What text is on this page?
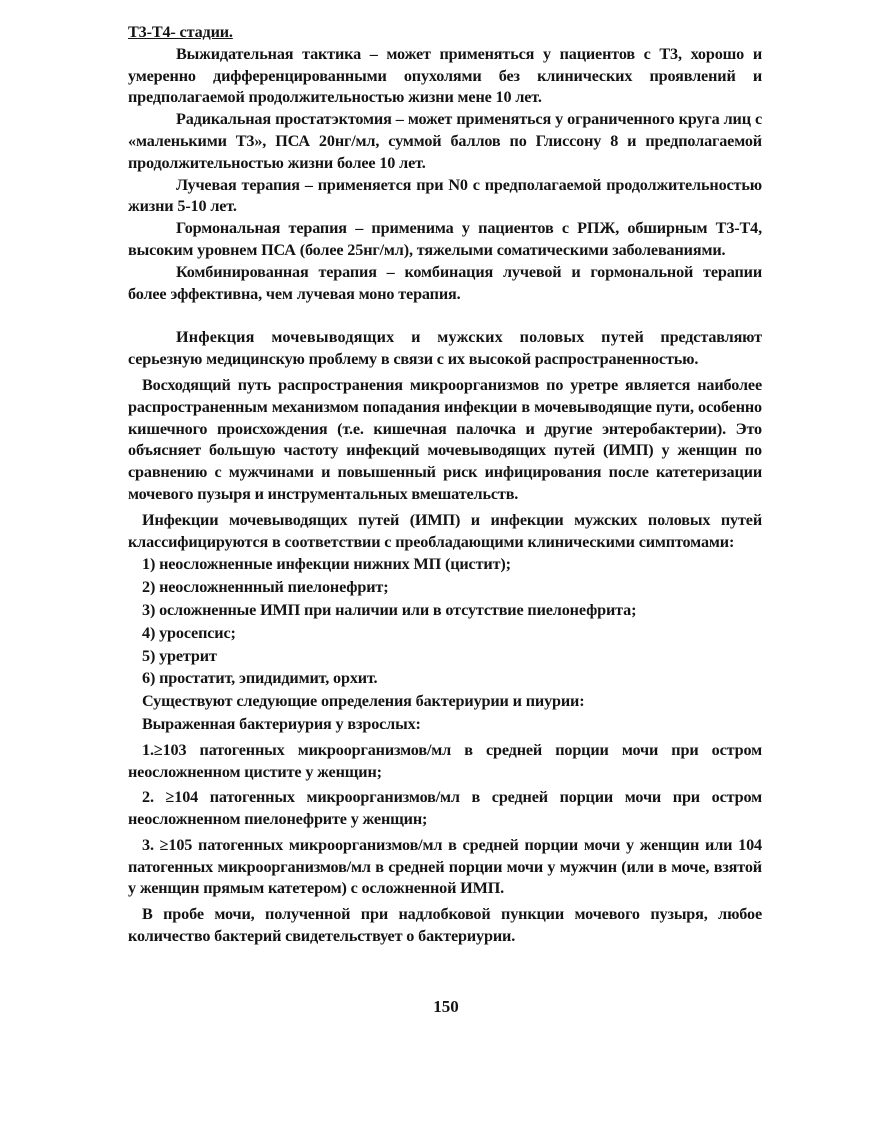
Т3-Т4- стадии.

Выжидательная тактика – может применяться у пациентов с Т3, хорошо и умеренно дифференцированными опухолями без клинических проявлений и предполагаемой продолжительностью жизни мене 10 лет.

Радикальная простатэктомия – может применяться у ограниченного круга лиц с «маленькими Т3», ПСА 20нг/мл, суммой баллов по Глиссону 8 и предполагаемой продолжительностью жизни более 10 лет.

Лучевая терапия – применяется при N0 с предполагаемой продолжительностью жизни 5-10 лет.

Гормональная терапия – применима у пациентов с РПЖ, обширным Т3-Т4, высоким уровнем ПСА (более 25нг/мл), тяжелыми соматическими заболеваниями.

Комбинированная терапия – комбинация лучевой и гормональной терапии более эффективна, чем лучевая моно терапия.

Инфекция мочевыводящих и мужских половых путей представляют серьезную медицинскую проблему в связи с их высокой распространенностью.

Восходящий путь распространения микроорганизмов по уретре является наиболее распространенным механизмом попадания инфекции в мочевыводящие пути, особенно кишечного происхождения (т.е. кишечная палочка и другие энтеробактерии). Это объясняет большую частоту инфекций мочевыводящих путей (ИМП) у женщин по сравнению с мужчинами и повышенный риск инфицирования после катетеризации мочевого пузыря и инструментальных вмешательств.

Инфекции мочевыводящих путей (ИМП) и инфекции мужских половых путей классифицируются в соответствии с преобладающими клиническими симптомами:

1) неосложненные инфекции нижних МП (цистит);

2) неосложненнный пиелонефрит;

3) осложненные ИМП при наличии или в отсутствие пиелонефрита;

4) уросепсис;

5) уретрит

6) простатит, эпидидимит, орхит.

Существуют следующие определения бактериурии и пиурии:

Выраженная бактериурия у взрослых:

1.≥103 патогенных микроорганизмов/мл в средней порции мочи при остром неосложненном цистите у женщин;

2. ≥104 патогенных микроорганизмов/мл в средней порции мочи при остром неосложненном пиелонефрите у женщин;

3. ≥105 патогенных микроорганизмов/мл в средней порции мочи у женщин или 104 патогенных микроорганизмов/мл в средней порции мочи у мужчин (или в моче, взятой у женщин прямым катетером) с осложненной ИМП.

В пробе мочи, полученной при надлобковой пункции мочевого пузыря, любое количество бактерий свидетельствует о бактериурии.

150
